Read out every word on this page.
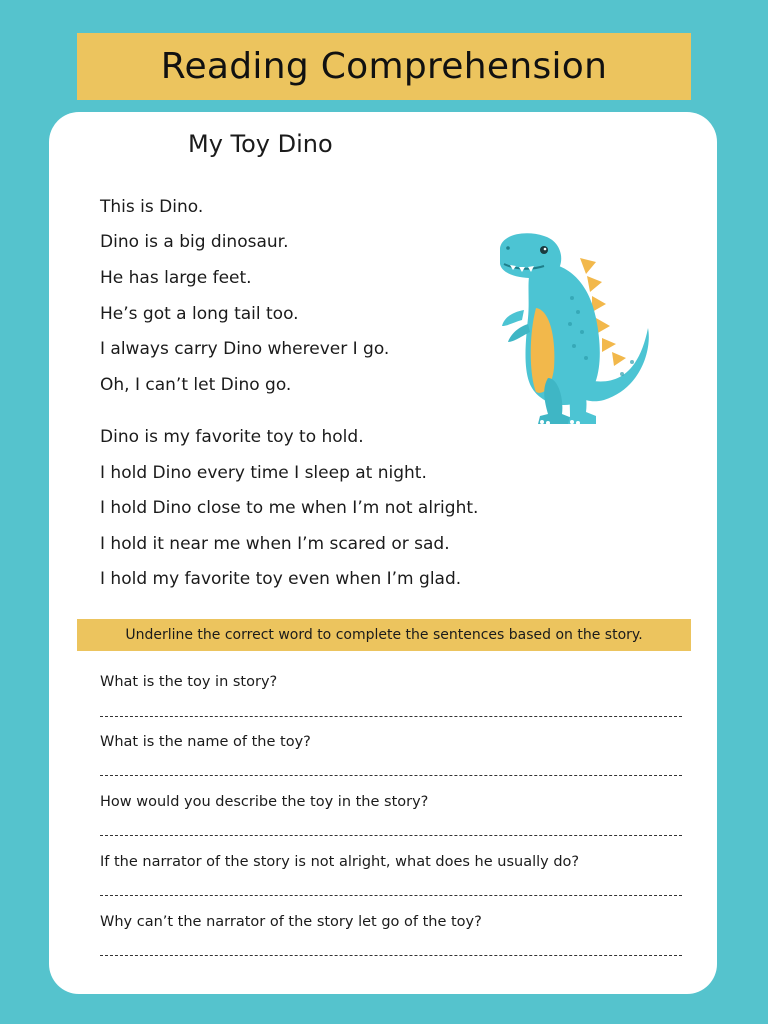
Reading Comprehension
My Toy Dino
This is Dino.
Dino is a big dinosaur.
He has large feet.
He’s got a long tail too.
I always carry Dino wherever I go.
Oh, I can’t let Dino go.
Dino is my favorite toy to hold.
I hold Dino every time I sleep at night.
I hold Dino close to me when I’m not alright.
I hold it near me when I’m scared or sad.
I hold my favorite toy even when I’m glad.
Underline the correct word to complete the sentences based on the story.
What is the toy in story?
What is the name of the toy?
How would you describe the toy in the story?
If the narrator of the story is not alright, what does he usually do?
Why can’t the narrator of the story let go of the toy?
